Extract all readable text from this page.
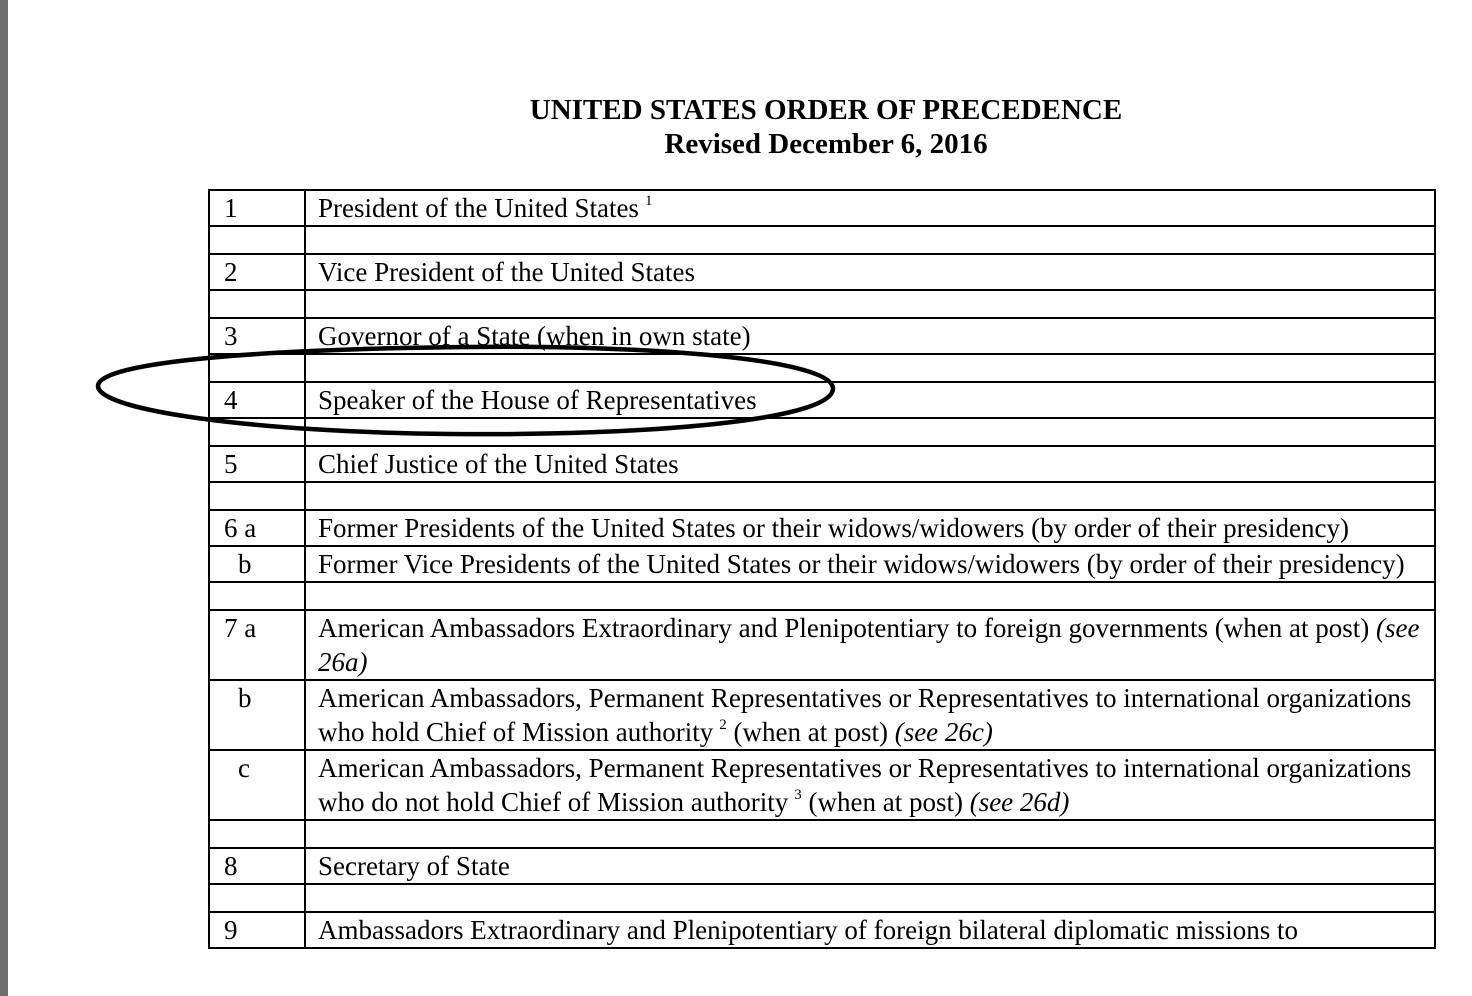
UNITED STATES ORDER OF PRECEDENCE
Revised December 6, 2016
1	President of the United States $^1$

2	Vice President of the United States

3	Governor of a State (when in own state)

4	Speaker of the House of Representatives

5	Chief Justice of the United States

6 a	Former Presidents of the United States or their widows/widowers (by order of their presidency)
b	Former Vice Presidents of the United States or their widows/widowers (by order of their presidency)

7 a	American Ambassadors Extraordinary and Plenipotentiary to foreign governments (when at post) (see 26a)
b	American Ambassadors, Permanent Representatives or Representatives to international organizations who hold Chief of Mission authority $^2$ (when at post) (see 26c)
c	American Ambassadors, Permanent Representatives or Representatives to international organizations who do not hold Chief of Mission authority $^3$ (when at post) (see 26d)

8	Secretary of State

9	Ambassadors Extraordinary and Plenipotentiary of foreign bilateral diplomatic missions to
